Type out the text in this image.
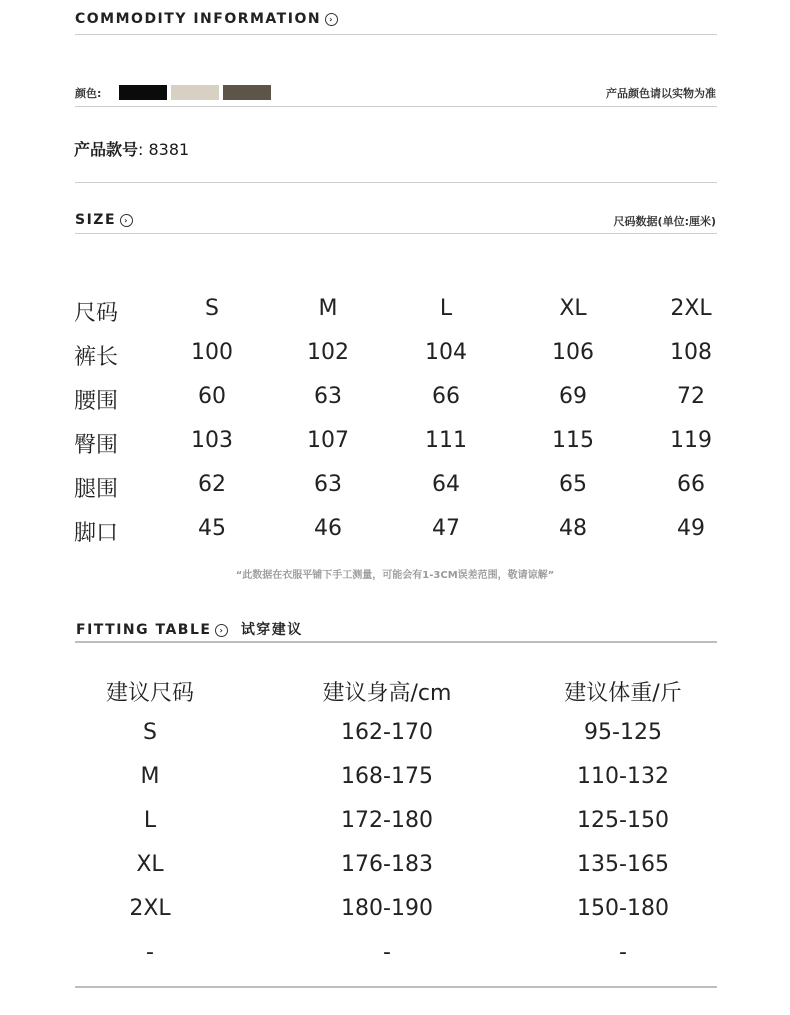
COMMODITY INFORMATION ›
颜色:	产品颜色请以实物为准
产品款号: 8381
SIZE ›	尺码数据(单位:厘米)
尺码	S	M	L	XL	2XL
裤长	100	102	104	106	108
腰围	60	63	66	69	72
臀围	103	107	111	115	119
腿围	62	63	64	65	66
脚口	45	46	47	48	49
“此数据在衣服平铺下手工测量，可能会有1-3CM误差范围，敬请谅解”
FITTING TABLE › 试穿建议
建议尺码	建议身高/cm	建议体重/斤
S	162-170	95-125
M	168-175	110-132
L	172-180	125-150
XL	176-183	135-165
2XL	180-190	150-180
-	-	-
